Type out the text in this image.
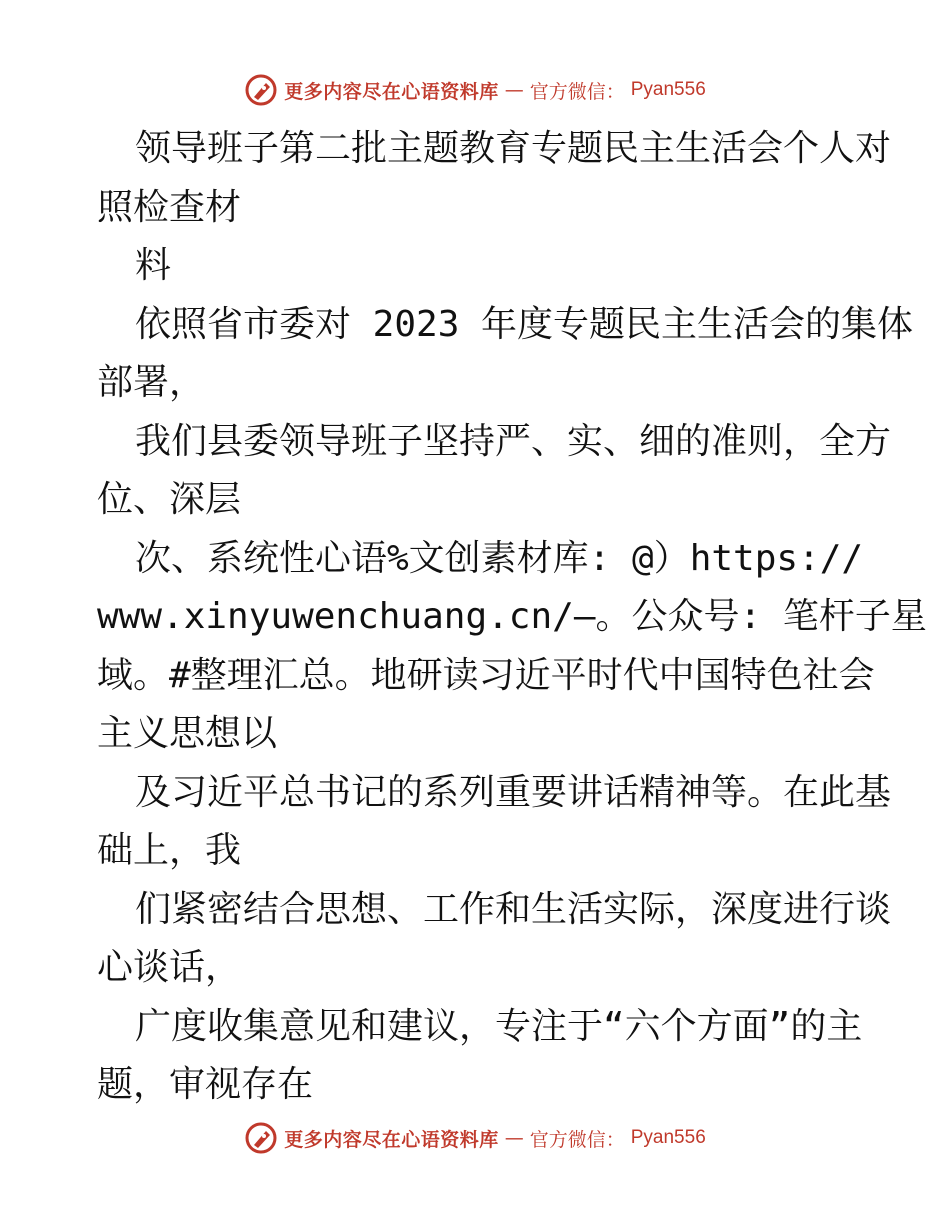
更多内容尽在心语资料库 — 官方微信： Pyan556
领导班子第二批主题教育专题民主生活会个人对
照检查材
料
依照省市委对 2023 年度专题民主生活会的集体
部署，
我们县委领导班子坚持严、实、细的准则，全方
位、深层
次、系统性心语%文创素材库: @）https://
www.xinyuwenchuang.cn/—。公众号: 笔杆子星
域。#整理汇总。地研读习近平时代中国特色社会
主义思想以
及习近平总书记的系列重要讲话精神等。在此基
础上，我
们紧密结合思想、工作和生活实际，深度进行谈
心谈话，
广度收集意见和建议，专注于“六个方面”的主
题，审视存在
更多内容尽在心语资料库 — 官方微信： Pyan556
